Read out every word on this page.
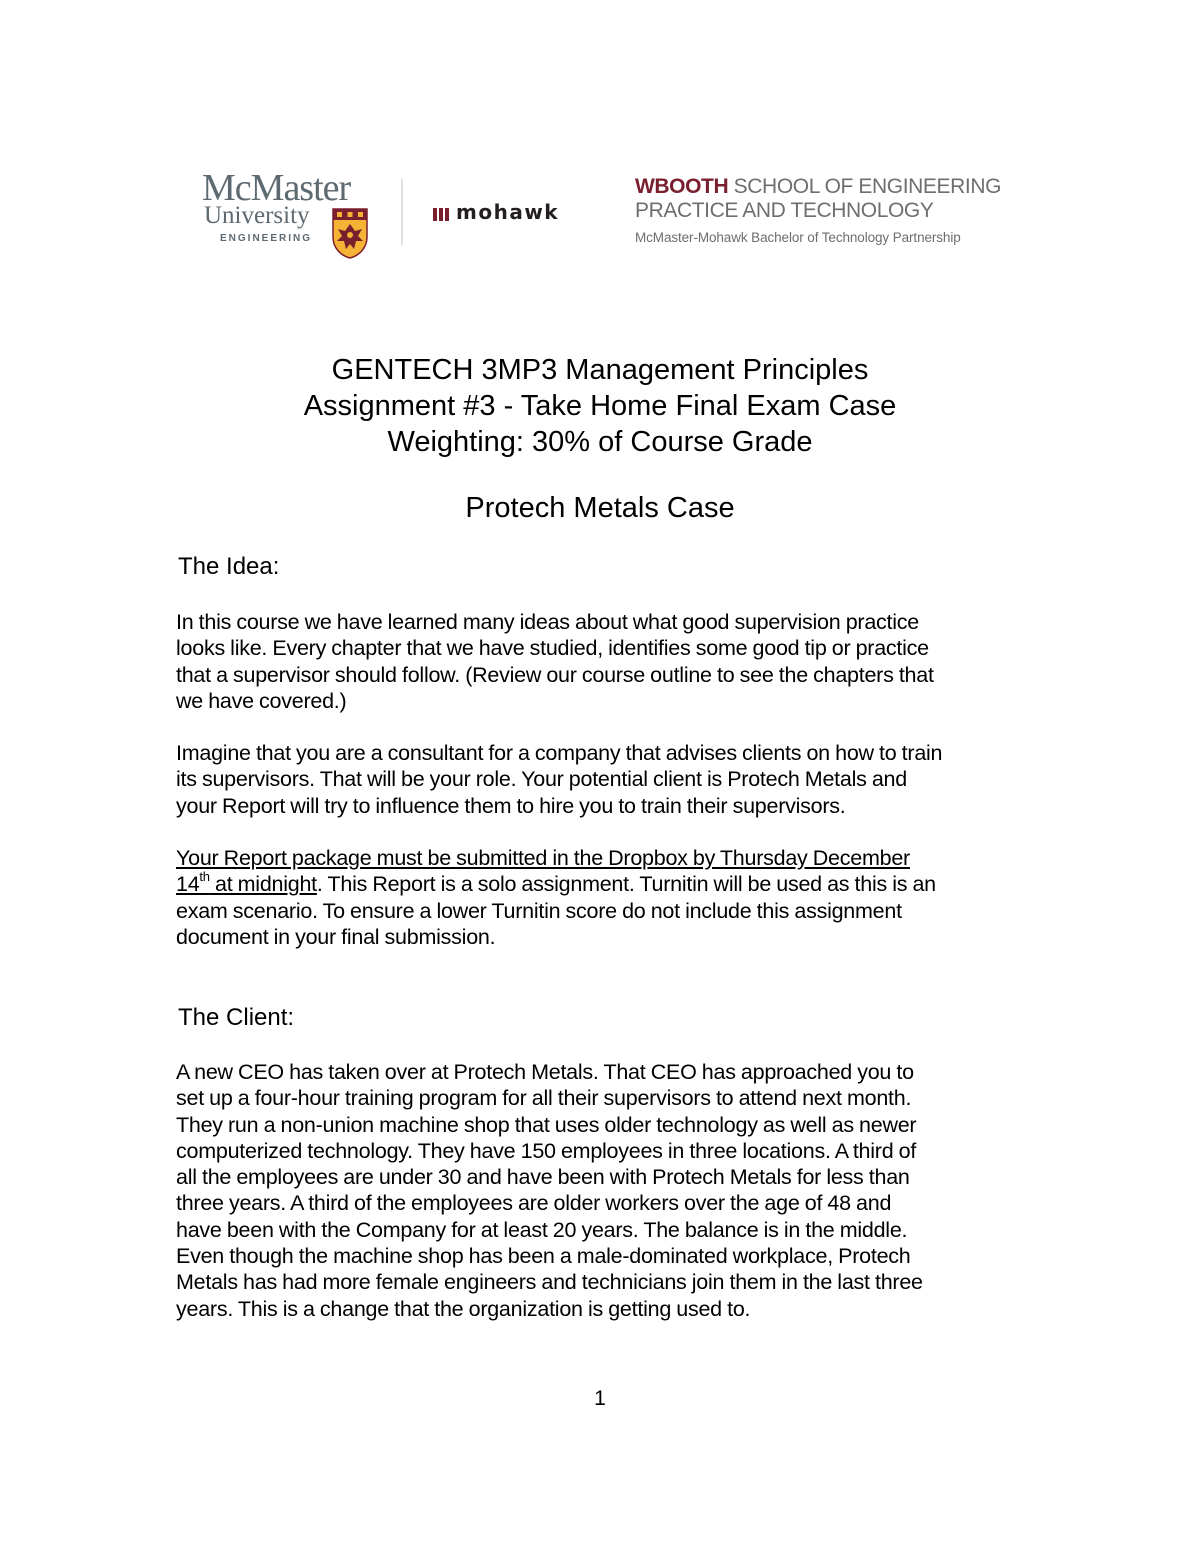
McMaster
University
ENGINEERING
mohawk
WBOOTH SCHOOL OF ENGINEERING
PRACTICE AND TECHNOLOGY
McMaster-Mohawk Bachelor of Technology Partnership
GENTECH 3MP3 Management Principles
Assignment #3 - Take Home Final Exam Case
Weighting: 30% of Course Grade
Protech Metals Case
The Idea:
In this course we have learned many ideas about what good supervision practice
looks like. Every chapter that we have studied, identifies some good tip or practice
that a supervisor should follow. (Review our course outline to see the chapters that
we have covered.)
Imagine that you are a consultant for a company that advises clients on how to train
its supervisors. That will be your role. Your potential client is Protech Metals and
your Report will try to influence them to hire you to train their supervisors.
Your Report package must be submitted in the Dropbox by Thursday December
14th at midnight. This Report is a solo assignment. Turnitin will be used as this is an
exam scenario. To ensure a lower Turnitin score do not include this assignment
document in your final submission.
The Client:
A new CEO has taken over at Protech Metals. That CEO has approached you to
set up a four-hour training program for all their supervisors to attend next month.
They run a non-union machine shop that uses older technology as well as newer
computerized technology. They have 150 employees in three locations. A third of
all the employees are under 30 and have been with Protech Metals for less than
three years. A third of the employees are older workers over the age of 48 and
have been with the Company for at least 20 years. The balance is in the middle.
Even though the machine shop has been a male-dominated workplace, Protech
Metals has had more female engineers and technicians join them in the last three
years. This is a change that the organization is getting used to.
1
